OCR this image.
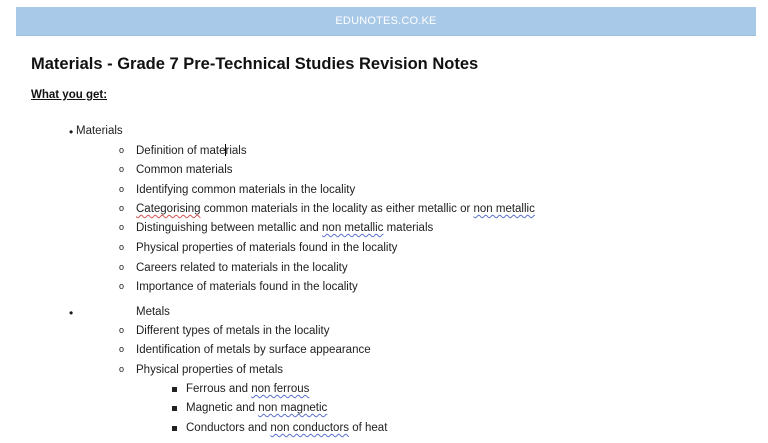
EDUNOTES.CO.KE
Materials - Grade 7 Pre-Technical Studies Revision Notes
What you get:
• Materials
o Definition of materials
o Common materials
o Identifying common materials in the locality
o Categorising common materials in the locality as either metallic or non metallic
o Distinguishing between metallic and non metallic materials
o Physical properties of materials found in the locality
o Careers related to materials in the locality
o Importance of materials found in the locality
•	Metals
o Different types of metals in the locality
o Identification of metals by surface appearance
o Physical properties of metals
Ferrous and non ferrous
Magnetic and non magnetic
Conductors and non conductors of heat
